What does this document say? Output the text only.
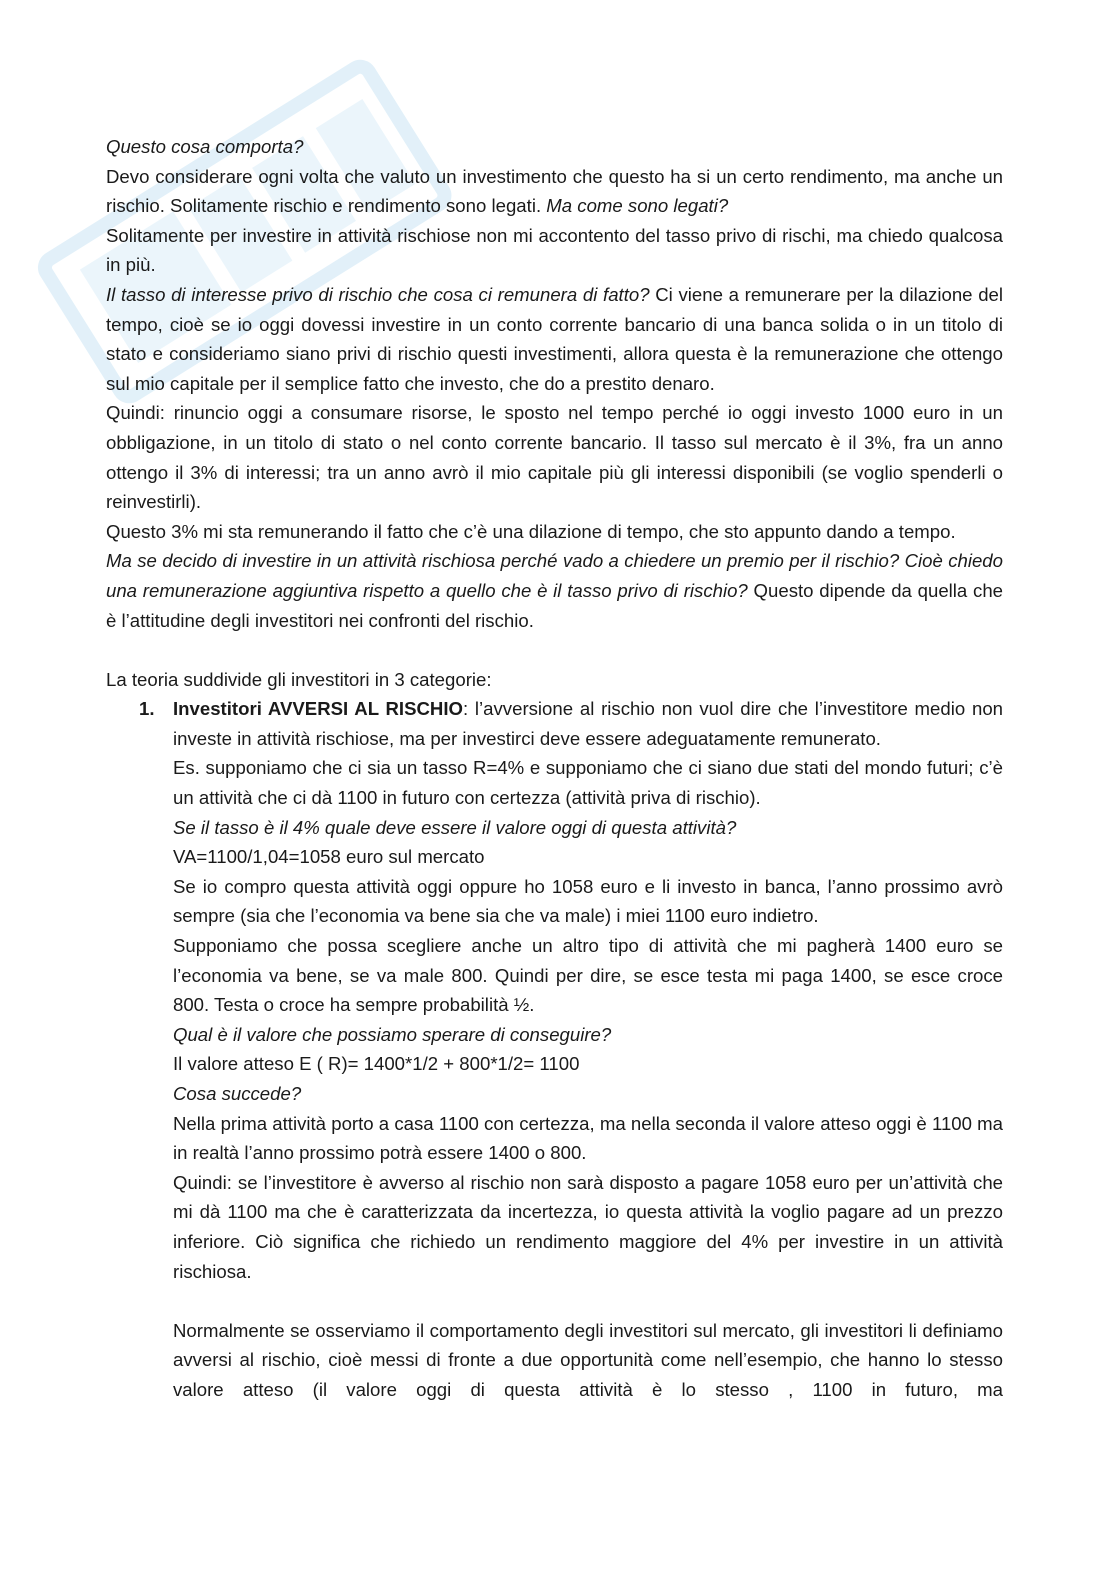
Questo cosa comporta?

Devo considerare ogni volta che valuto un investimento che questo ha si un certo rendimento, ma anche un rischio. Solitamente rischio e rendimento sono legati. Ma come sono legati?

Solitamente per investire in attività rischiose non mi accontento del tasso privo di rischi, ma chiedo qualcosa in più.

Il tasso di interesse privo di rischio che cosa ci remunera di fatto? Ci viene a remunerare per la dilazione del tempo, cioè se io oggi dovessi investire in un conto corrente bancario di una banca solida o in un titolo di stato e consideriamo siano privi di rischio questi investimenti, allora questa è la remunerazione che ottengo sul mio capitale per il semplice fatto che investo, che do a prestito denaro.

Quindi: rinuncio oggi a consumare risorse, le sposto nel tempo perché io oggi investo 1000 euro in un obbligazione, in un titolo di stato o nel conto corrente bancario. Il tasso sul mercato è il 3%, fra un anno ottengo il 3% di interessi; tra un anno avrò il mio capitale più gli interessi disponibili (se voglio spenderli o reinvestirli).

Questo 3% mi sta remunerando il fatto che c’è una dilazione di tempo, che sto appunto dando a tempo.

Ma se decido di investire in un attività rischiosa perché vado a chiedere un premio per il rischio? Cioè chiedo una remunerazione aggiuntiva rispetto a quello che è il tasso privo di rischio? Questo dipende da quella che è l’attitudine degli investitori nei confronti del rischio.

La teoria suddivide gli investitori in 3 categorie:

1. Investitori AVVERSI AL RISCHIO: l’avversione al rischio non vuol dire che l’investitore medio non investe in attività rischiose, ma per investirci deve essere adeguatamente remunerato.

Es. supponiamo che ci sia un tasso R=4% e supponiamo che ci siano due stati del mondo futuri; c’è un attività che ci dà 1100 in futuro con certezza (attività priva di rischio).

Se il tasso è il 4% quale deve essere il valore oggi di questa attività?

VA=1100/1,04=1058 euro sul mercato

Se io compro questa attività oggi oppure ho 1058 euro e li investo in banca, l’anno prossimo avrò sempre (sia che l’economia va bene sia che va male) i miei 1100 euro indietro.

Supponiamo che possa scegliere anche un altro tipo di attività che mi pagherà 1400 euro se l’economia va bene, se va male 800. Quindi per dire, se esce testa mi paga 1400, se esce croce 800. Testa o croce ha sempre probabilità ½.

Qual è il valore che possiamo sperare di conseguire?

Il valore atteso E ( R)= 1400*1/2 + 800*1/2= 1100

Cosa succede?

Nella prima attività porto a casa 1100 con certezza, ma nella seconda il valore atteso oggi è 1100 ma in realtà l’anno prossimo potrà essere 1400 o 800.

Quindi: se l’investitore è avverso al rischio non sarà disposto a pagare 1058 euro per un’attività che mi dà 1100 ma che è caratterizzata da incertezza, io questa attività la voglio pagare ad un prezzo inferiore. Ciò significa che richiedo un rendimento maggiore del 4% per investire in un attività rischiosa.

Normalmente se osserviamo il comportamento degli investitori sul mercato, gli investitori li definiamo avversi al rischio, cioè messi di fronte a due opportunità come nell’esempio, che hanno lo stesso valore atteso (il valore oggi di questa attività è lo stesso , 1100 in futuro, ma
